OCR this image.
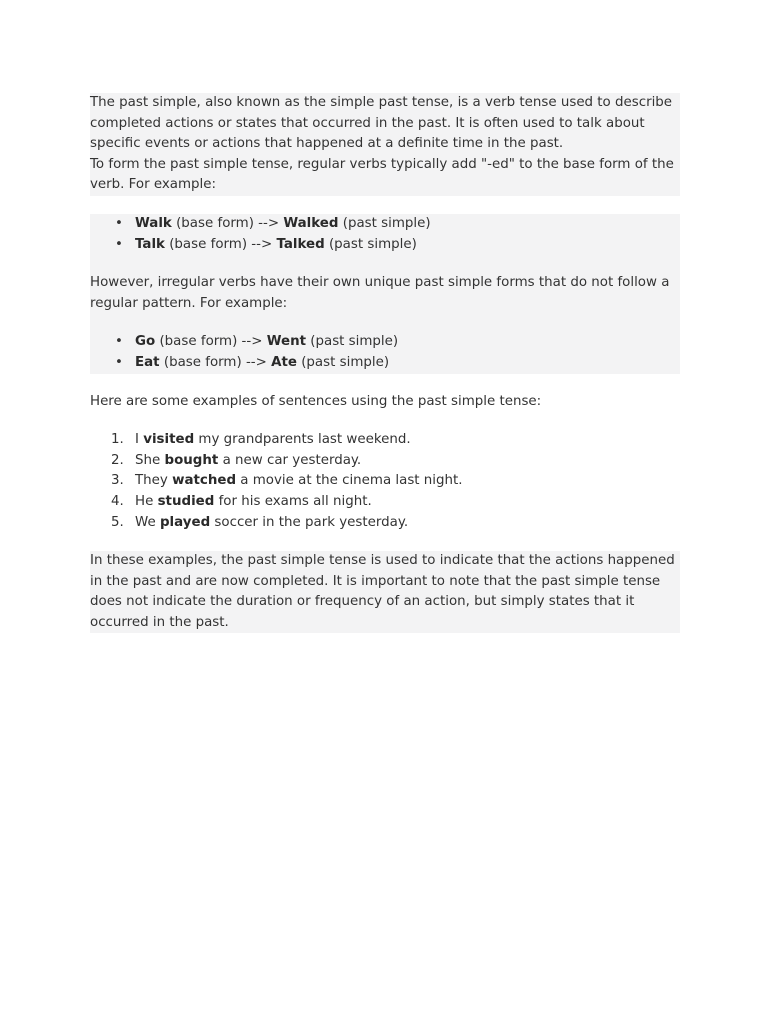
The past simple, also known as the simple past tense, is a verb tense used to describe completed actions or states that occurred in the past. It is often used to talk about specific events or actions that happened at a definite time in the past.

To form the past simple tense, regular verbs typically add "-ed" to the base form of the verb. For example:

• Walk (base form) --> Walked (past simple)
• Talk (base form) --> Talked (past simple)

However, irregular verbs have their own unique past simple forms that do not follow a regular pattern. For example:

• Go (base form) --> Went (past simple)
• Eat (base form) --> Ate (past simple)

Here are some examples of sentences using the past simple tense:

1. I visited my grandparents last weekend.
2. She bought a new car yesterday.
3. They watched a movie at the cinema last night.
4. He studied for his exams all night.
5. We played soccer in the park yesterday.

In these examples, the past simple tense is used to indicate that the actions happened in the past and are now completed. It is important to note that the past simple tense does not indicate the duration or frequency of an action, but simply states that it occurred in the past.
